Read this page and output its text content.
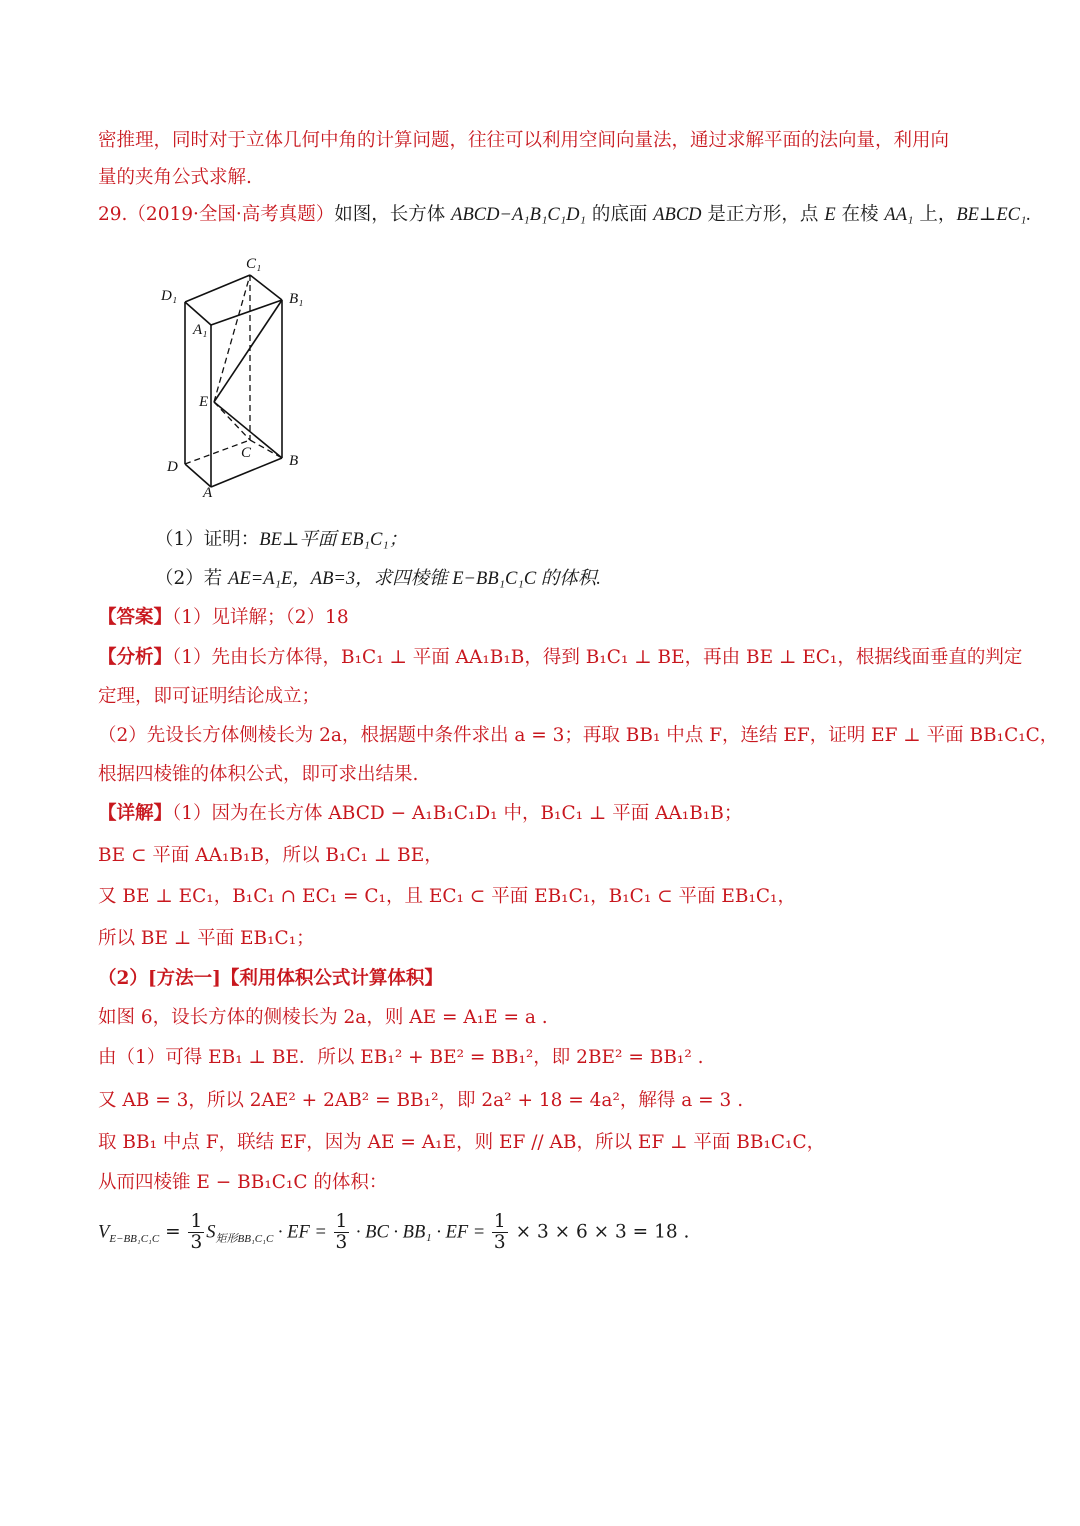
密推理，同时对于立体几何中角的计算问题，往往可以利用空间向量法，通过求解平面的法向量，利用向
量的夹角公式求解.
29.（2019·全国·高考真题）如图，长方体 ABCD−A₁B₁C₁D₁ 的底面 ABCD 是正方形，点 E 在棱 AA₁ 上，BE⊥EC₁.
C₁
D₁	B₁
A₁
E
C
D	B
A
（1）证明：BE⊥平面 EB₁C₁；
（2）若 AE=A₁E，AB=3，求四棱锥 E−BB₁C₁C 的体积.
【答案】（1）见详解；（2）18
【分析】（1）先由长方体得，B₁C₁ ⊥ 平面 AA₁B₁B，得到 B₁C₁ ⊥ BE，再由 BE ⊥ EC₁，根据线面垂直的判定
定理，即可证明结论成立；
（2）先设长方体侧棱长为 2a，根据题中条件求出 a = 3；再取 BB₁ 中点 F，连结 EF，证明 EF ⊥ 平面 BB₁C₁C，
根据四棱锥的体积公式，即可求出结果.
【详解】（1）因为在长方体 ABCD − A₁B₁C₁D₁ 中，B₁C₁ ⊥ 平面 AA₁B₁B；
BE ⊂ 平面 AA₁B₁B，所以 B₁C₁ ⊥ BE，
又 BE ⊥ EC₁，B₁C₁ ∩ EC₁ = C₁，且 EC₁ ⊂ 平面 EB₁C₁，B₁C₁ ⊂ 平面 EB₁C₁，
所以 BE ⊥ 平面 EB₁C₁；
（2）[方法一]【利用体积公式计算体积】
如图 6，设长方体的侧棱长为 2a，则 AE = A₁E = a .
由（1）可得 EB₁ ⊥ BE．所以 EB₁² + BE² = BB₁²，即 2BE² = BB₁² .
又 AB = 3，所以 2AE² + 2AB² = BB₁²，即 2a² + 18 = 4a²，解得 a = 3 .
取 BB₁ 中点 F，联结 EF，因为 AE = A₁E，则 EF // AB，所以 EF ⊥ 平面 BB₁C₁C，
从而四棱锥 E − BB₁C₁C 的体积：
$V_{E-BB_1C_1C} = \frac{1}{3} S_{矩形BB_1C_1C}$ · EF = $\frac{1}{3}$ · BC · BB₁ · EF = $\frac{1}{3} \times 3 \times 6 \times 3 = 18$ .
